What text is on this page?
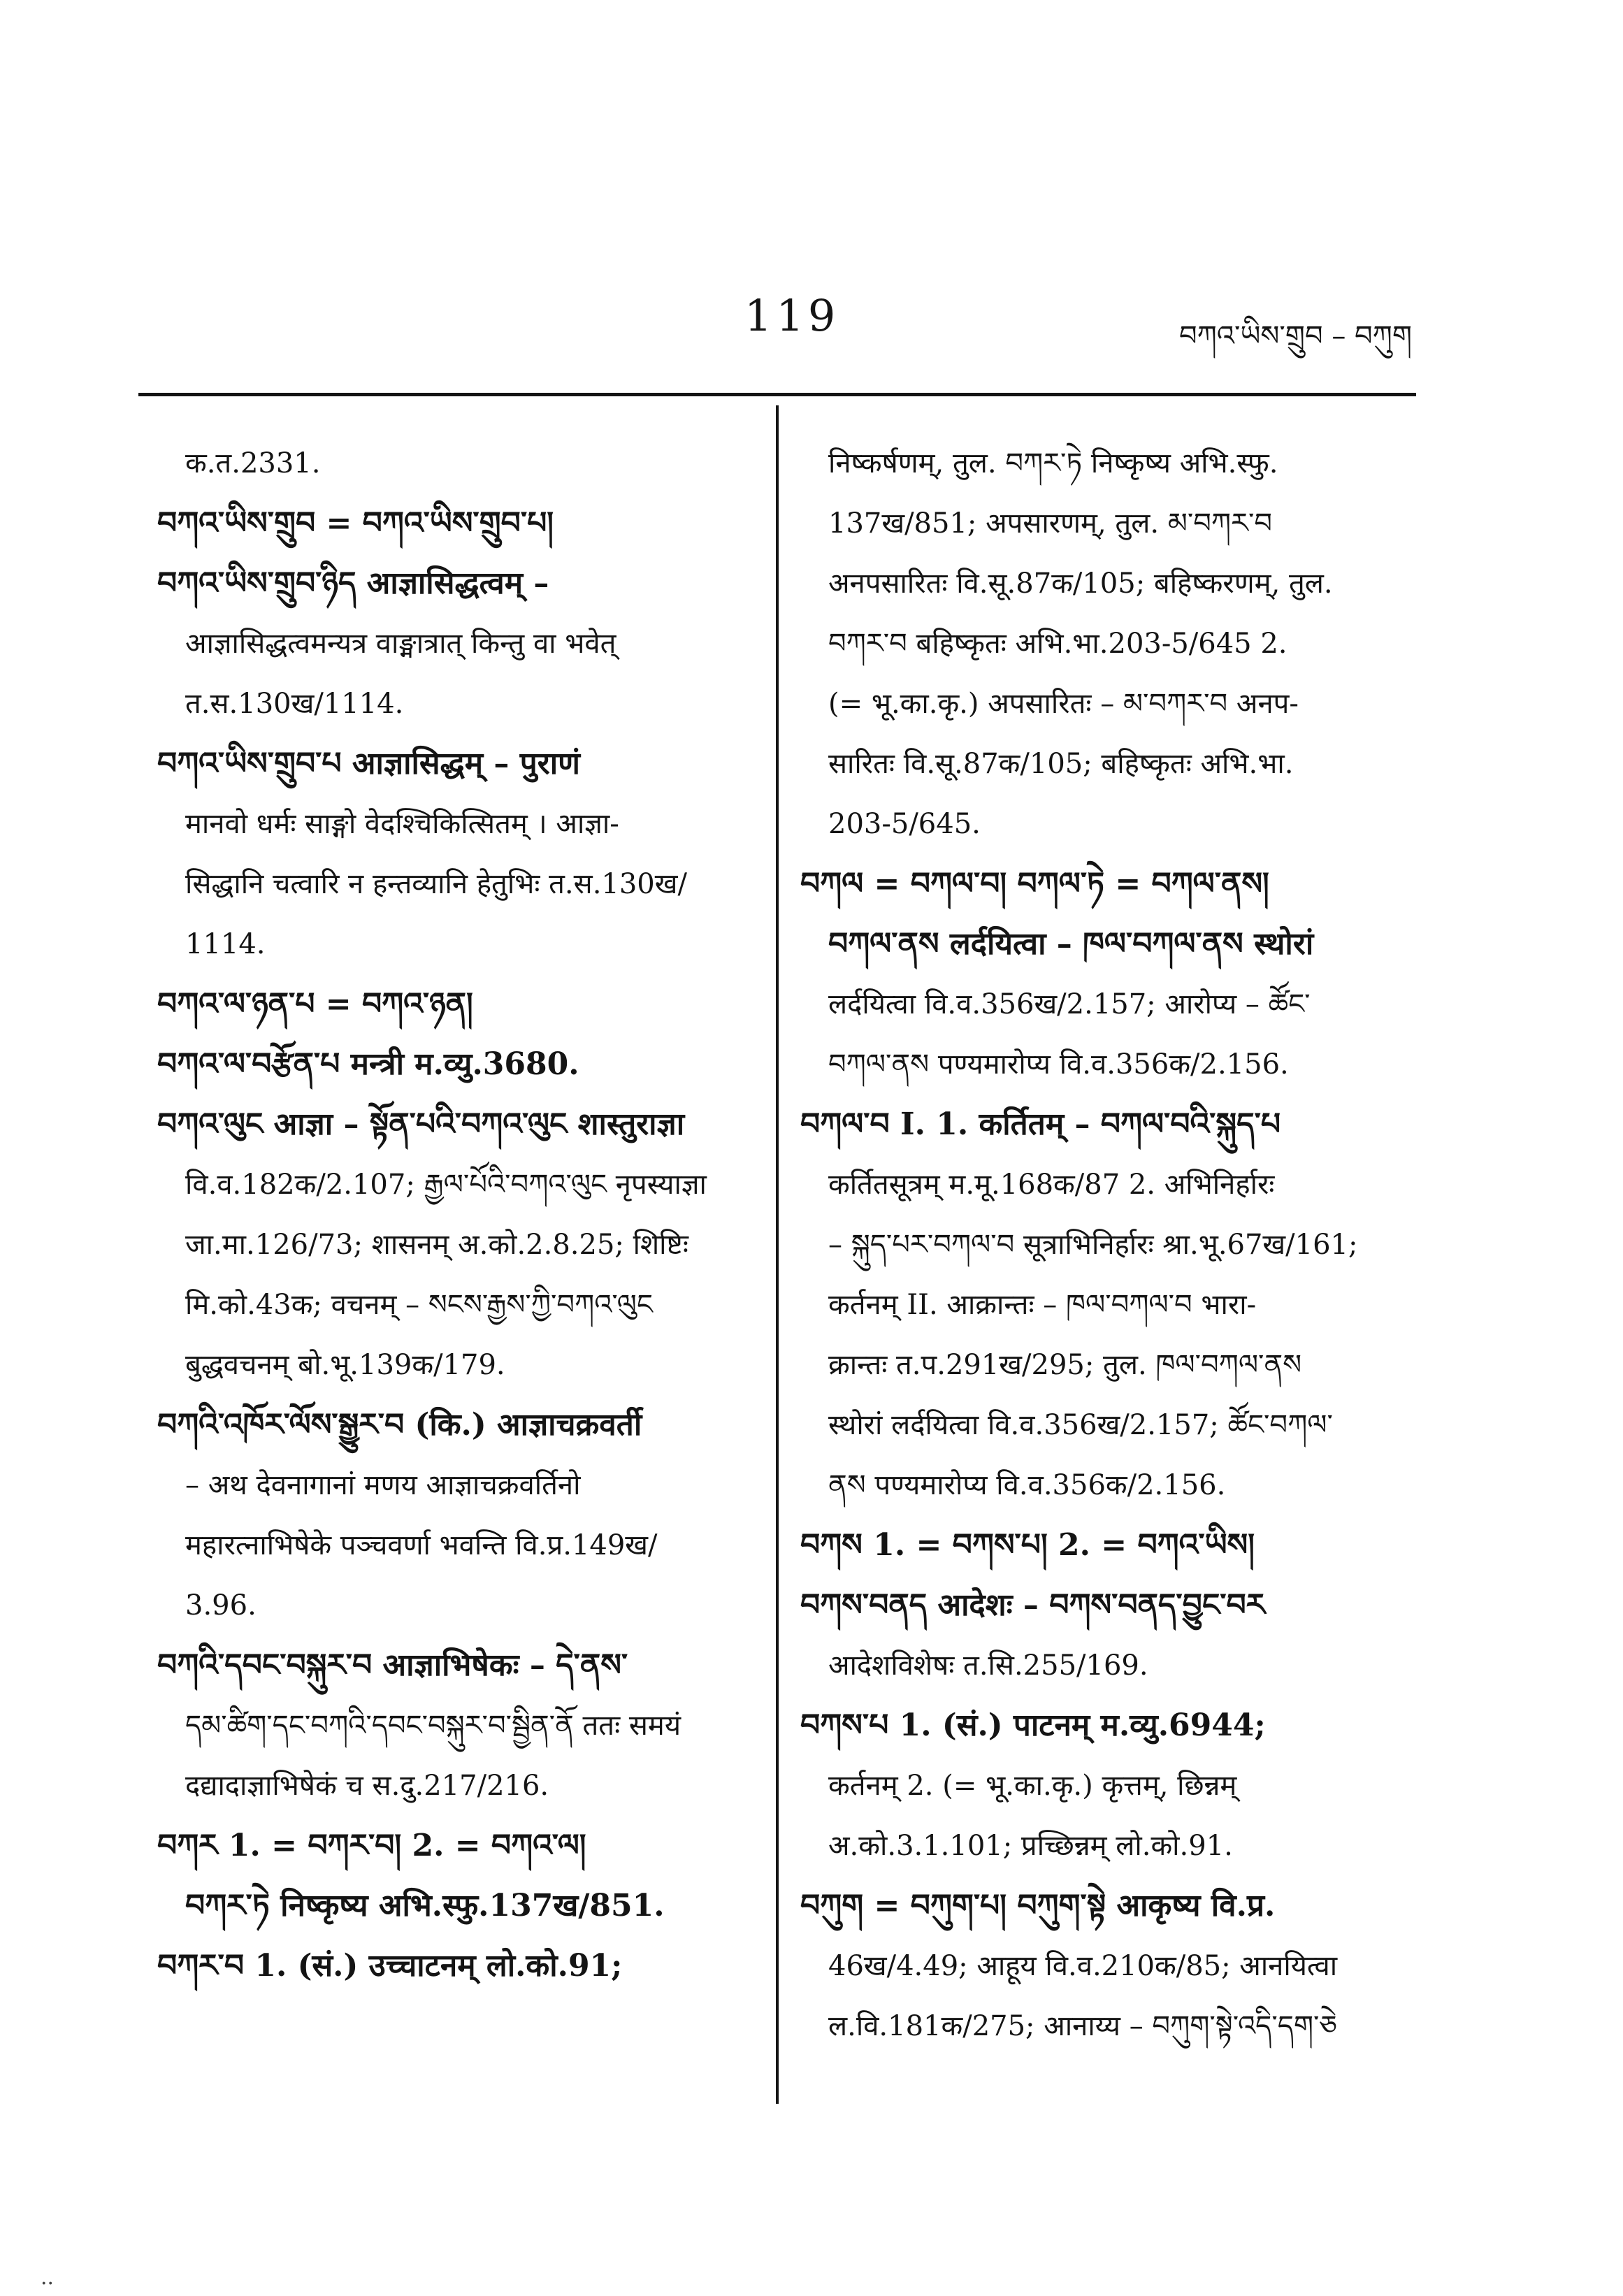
119	བཀའ་ཡིས་གྲུབ – བཀུག
क.त.2331.
བཀའ་ཡིས་གྲུབ = བཀའ་ཡིས་གྲུབ་པ།
བཀའ་ཡིས་གྲུབ་ཉིད आज्ञासिद्धत्वम् –
आज्ञासिद्धत्वमन्यत्र वाङ्मात्रात् किन्तु वा भवेत्
त.स.130ख/1114.
བཀའ་ཡིས་གྲུབ་པ आज्ञासिद्धम् – पुराणं
मानवो धर्मः साङ्गो वेदश्चिकित्सितम् । आज्ञा-
सिद्धानि चत्वारि न हन्तव्यानि हेतुभिः त.स.130ख/
1114.
བཀའ་ལ་ཉན་པ = བཀའ་ཉན།
བཀའ་ལ་བརྩོན་པ मन्त्री म.व्यु.3680.
བཀའ་ལུང आज्ञा – སྟོན་པའི་བཀའ་ལུང शास्तुराज्ञा
वि.व.182क/2.107; རྒྱལ་པོའི་བཀའ་ལུང नृपस्याज्ञा
जा.मा.126/73; शासनम् अ.को.2.8.25; शिष्टिः
मि.को.43क; वचनम् – སངས་རྒྱས་ཀྱི་བཀའ་ལུང
बुद्धवचनम् बो.भू.139क/179.
བཀའི་འཁོར་ལོས་སྒྱུར་བ (कि.) आज्ञाचक्रवर्ती
– अथ देवनागानां मणय आज्ञाचक्रवर्तिनो
महारत्नाभिषेके पञ्चवर्णा भवन्ति वि.प्र.149ख/
3.96.
བཀའི་དབང་བསྐུར་བ आज्ञाभिषेकः – དེ་ནས་
དམ་ཚིག་དང་བཀའི་དབང་བསྐུར་བ་སྦྱིན་ནོ ततः समयं
दद्यादाज्ञाभिषेकं च स.दु.217/216.
བཀར 1. = བཀར་བ། 2. = བཀའ་ལ།
བཀར་ཏེ निष्कृष्य अभि.स्फु.137ख/851.
བཀར་བ 1. (सं.) उच्चाटनम् लो.को.91;
निष्कर्षणम्, तुल. བཀར་ཏེ निष्कृष्य अभि.स्फु.
137ख/851; अपसारणम्, तुल. མ་བཀར་བ
अनपसारितः वि.सू.87क/105; बहिष्करणम्, तुल.
བཀར་བ बहिष्कृतः अभि.भा.203-5/645 2.
(= भू.का.कृ.) अपसारितः – མ་བཀར་བ अनप-
सारितः वि.सू.87क/105; बहिष्कृतः अभि.भा.
203-5/645.
བཀལ = བཀལ་བ། བཀལ་ཏེ = བཀལ་ནས།
བཀལ་ནས लर्दयित्वा – ཁལ་བཀལ་ནས स्थोरां
लर्दयित्वा वि.व.356ख/2.157; आरोप्य – ཚོང་
བཀལ་ནས पण्यमारोप्य वि.व.356क/2.156.
བཀལ་བ I. 1. कर्तितम् – བཀལ་བའི་སྐུད་པ
कर्तितसूत्रम् म.मू.168क/87 2. अभिनिर्हारः
– སྐུད་པར་བཀལ་བ सूत्राभिनिर्हारः श्रा.भू.67ख/161;
कर्तनम् II. आक्रान्तः – ཁལ་བཀལ་བ भारा-
क्रान्तः त.प.291ख/295; तुल. ཁལ་བཀལ་ནས
स्थोरां लर्दयित्वा वि.व.356ख/2.157; ཚོང་བཀལ་
ནས पण्यमारोप्य वि.व.356क/2.156.
བཀས 1. = བཀས་པ། 2. = བཀའ་ཡིས།
བཀས་བནད आदेशः – བཀས་བནད་བྱུང་བར
आदेशविशेषः त.सि.255/169.
བཀས་པ 1. (सं.) पाटनम् म.व्यु.6944;
कर्तनम् 2. (= भू.का.कृ.) कृत्तम्, छिन्नम्
अ.को.3.1.101; प्रच्छिन्नम् लो.को.91.
བཀུག = བཀུག་པ། བཀུག་སྟེ आकृष्य वि.प्र.
46ख/4.49; आहूय वि.व.210क/85; आनयित्वा
ल.वि.181क/275; आनाय्य – བཀུག་སྟེ་འདི་དག་ཅེ
··
